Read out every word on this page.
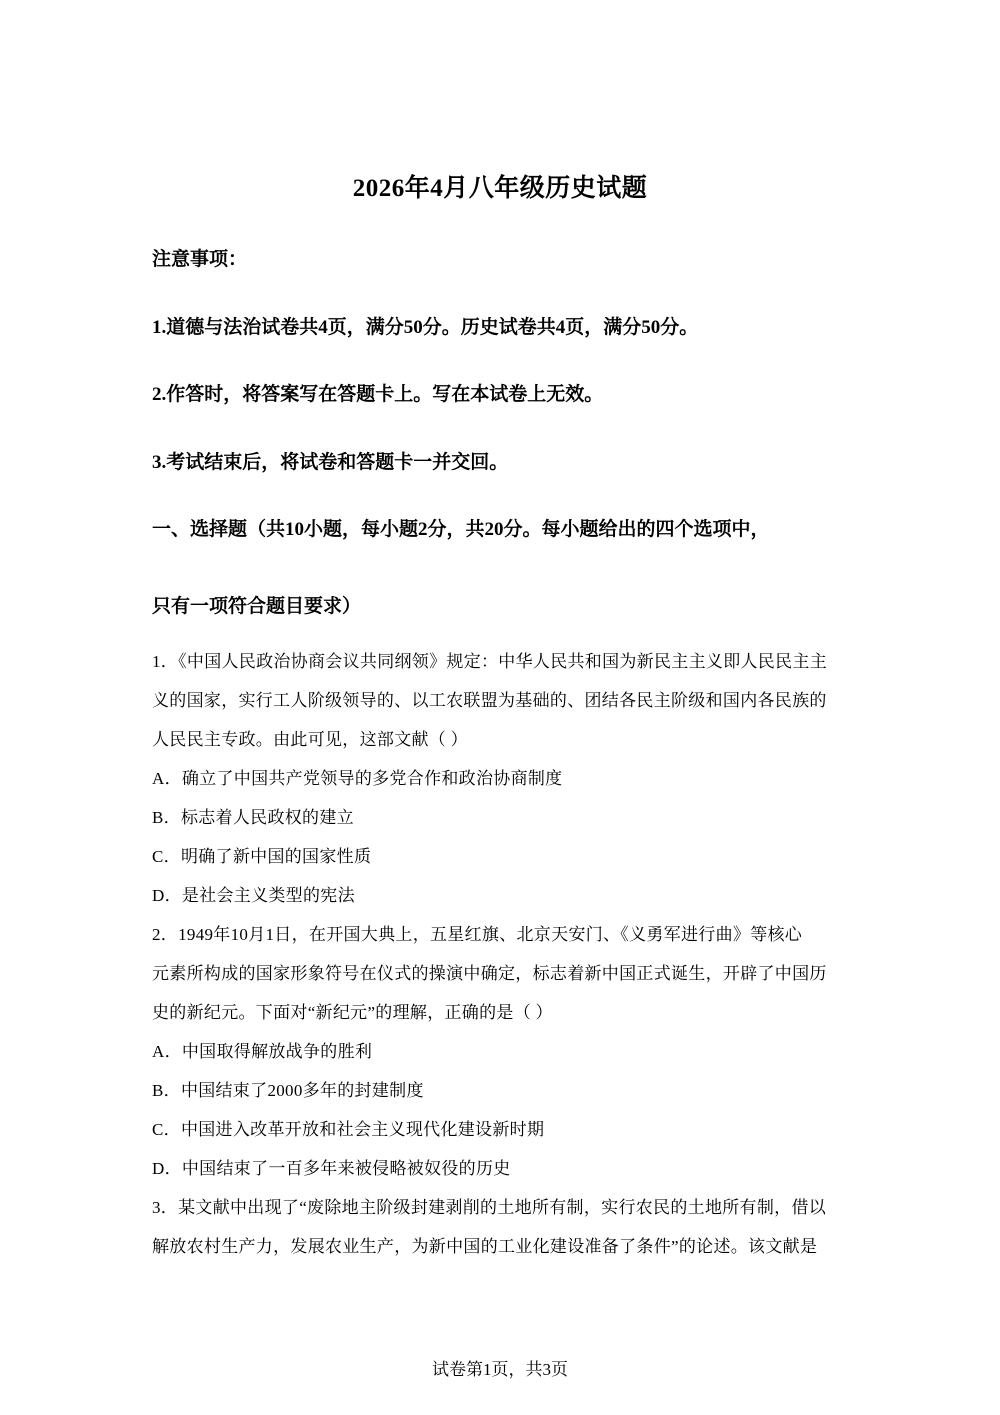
2026年4月八年级历史试题
注意事项：
1.道德与法治试卷共4页，满分50分。历史试卷共4页，满分50分。
2.作答时，将答案写在答题卡上。写在本试卷上无效。
3.考试结束后，将试卷和答题卡一并交回。
一、选择题（共10小题，每小题2分，共20分。每小题给出的四个选项中，
只有一项符合题目要求）
1．《中国人民政治协商会议共同纲领》规定：中华人民共和国为新民主主义即人民民主主
义的国家，实行工人阶级领导的、以工农联盟为基础的、团结各民主阶级和国内各民族的
人民民主专政。由此可见，这部文献（ ）
A．确立了中国共产党领导的多党合作和政治协商制度
B．标志着人民政权的建立
C．明确了新中国的国家性质
D．是社会主义类型的宪法
2．1949年10月1日，在开国大典上，五星红旗、北京天安门、《义勇军进行曲》等核心
元素所构成的国家形象符号在仪式的操演中确定，标志着新中国正式诞生，开辟了中国历
史的新纪元。下面对“新纪元”的理解，正确的是（ ）
A．中国取得解放战争的胜利
B．中国结束了2000多年的封建制度
C．中国进入改革开放和社会主义现代化建设新时期
D．中国结束了一百多年来被侵略被奴役的历史
3．某文献中出现了“废除地主阶级封建剥削的土地所有制，实行农民的土地所有制，借以
解放农村生产力，发展农业生产，为新中国的工业化建设准备了条件”的论述。该文献是
试卷第1页，共3页
